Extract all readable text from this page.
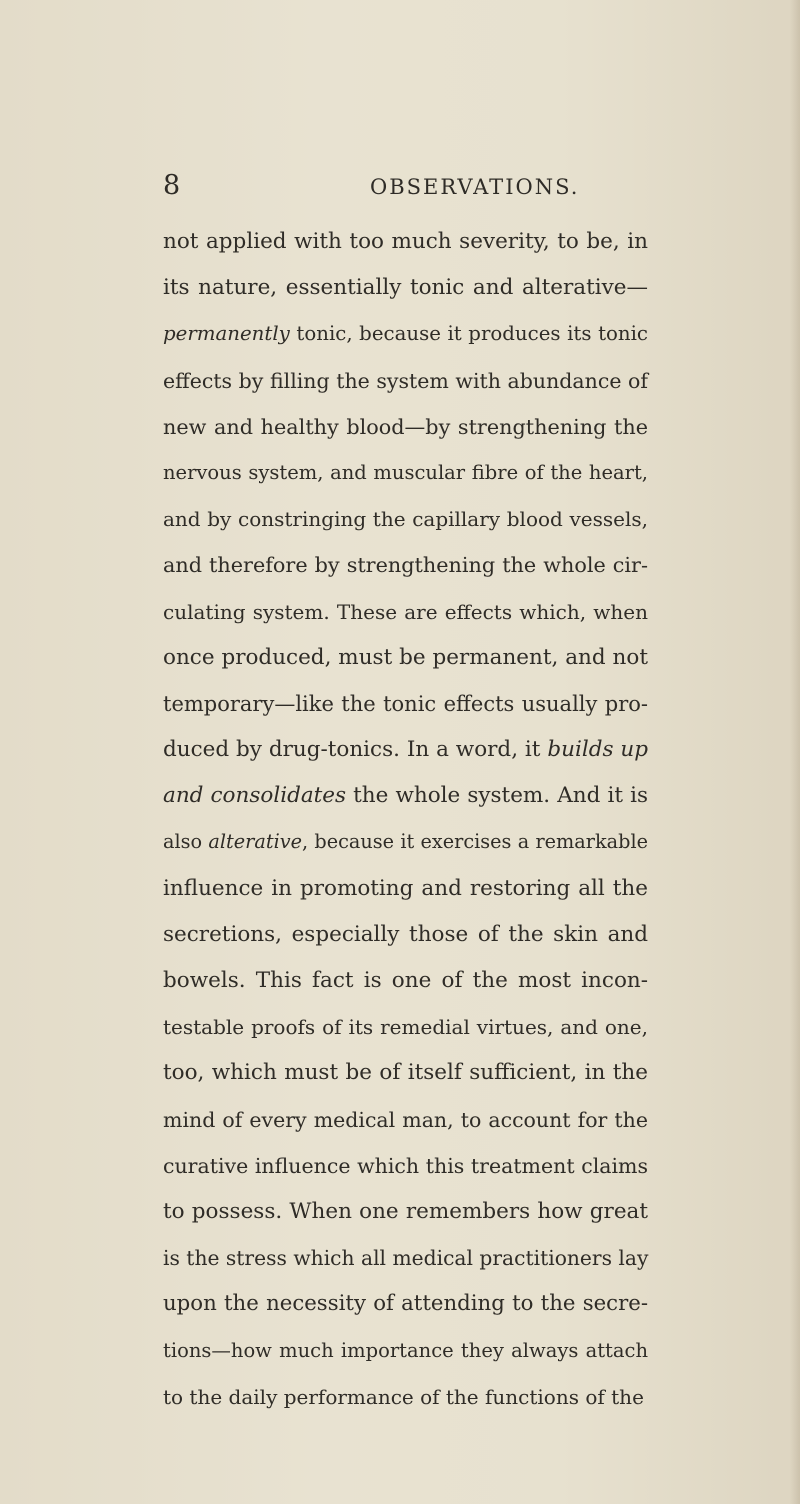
8	OBSERVATIONS.
not applied with too much severity, to be, in
its nature, essentially tonic and alterative—
permanently tonic, because it produces its tonic
effects by filling the system with abundance of
new and healthy blood—by strengthening the
nervous system, and muscular fibre of the heart,
and by constringing the capillary blood vessels,
and therefore by strengthening the whole cir-
culating system. These are effects which, when
once produced, must be permanent, and not
temporary—like the tonic effects usually pro-
duced by drug-tonics. In a word, it builds up
and consolidates the whole system. And it is
also alterative, because it exercises a remarkable
influence in promoting and restoring all the
secretions, especially those of the skin and
bowels. This fact is one of the most incon-
testable proofs of its remedial virtues, and one,
too, which must be of itself sufficient, in the
mind of every medical man, to account for the
curative influence which this treatment claims
to possess. When one remembers how great
is the stress which all medical practitioners lay
upon the necessity of attending to the secre-
tions—how much importance they always attach
to the daily performance of the functions of the
